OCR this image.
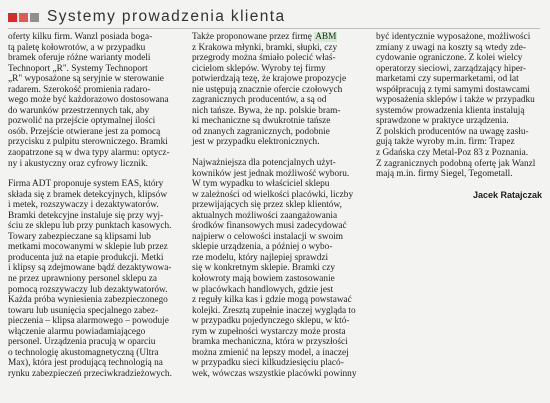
Systemy prowadzenia klienta

oferty kilku firm. Wanzl posiada boga-

tą paletę kołowrotów, a w przypadku

bramek oferuje różne warianty modeli

Technoport „R". Systemy Technoport

„R" wyposażone są seryjnie w sterowanie

radarem. Szerokość promienia radaro-

wego może być każdorazowo dostosowana

do warunków przestrzennych tak, aby

pozwolić na przejście optymalnej ilości

osób. Przejście otwierane jest za pomocą

przycisku z pulpitu sterowniczego. Bramki

zaopatrzone są w dwa typy alarmu: optycz-

ny i akustyczny oraz cyfrowy licznik.

Firma ADT proponuje system EAS, który

składa się z bramek detekcyjnych, klipsów

i metek, rozszywaczy i dezaktywatorów.

Bramki detekcyjne instaluje się przy wyj-

ściu ze sklepu lub przy punktach kasowych.

Towary zabezpieczane są klipsami lub

metkami mocowanymi w sklepie lub przez

producenta już na etapie produkcji. Metki

i klipsy są zdejmowane bądź dezaktywowa-

ne przez uprawniony personel sklepu za

pomocą rozszywaczy lub dezaktywatorów.

Każda próba wyniesienia zabezpieczonego

towaru lub usunięcia specjalnego zabez-

pieczenia – klipsa alarmowego – powoduje

włączenie alarmu powiadamiającego

personel. Urządzenia pracują w oparciu

o technologię akustomagnetyczną (Ultra

Max), która jest prodującą technologią na

rynku zabezpieczeń przeciwkradzieżowych.

Także proponowane przez firmę ABM

z Krakowa młynki, bramki, słupki, czy

przegrody można śmiało polecić właś-

cicielom sklepów. Wyroby tej firmy

potwierdzają tezę, że krajowe propozycje

nie ustępują znacznie ofercie czołowych

zagranicznych producentów, a są od

nich tańsze. Bywa, że np. polskie bram-

ki mechaniczne są dwukrotnie tańsze

od znanych zagranicznych, podobnie

jest w przypadku elektronicznych.

Najważniejsza dla potencjalnych użyt-

kowników jest jednak możliwość wyboru.

W tym wypadku to właściciel sklepu

w zależności od wielkości placówki, liczby

przewijających się przez sklep klientów,

aktualnych możliwości zaangażowania

środków finansowych musi zadecydować

najpierw o celowości instalacji w swoim

sklepie urządzenia, a później o wybo-

rze modelu, który najlepiej sprawdzi

się w konkretnym sklepie. Bramki czy

kołowroty mają bowiem zastosowanie

w placówkach handlowych, gdzie jest

z reguły kilka kas i gdzie mogą powstawać

kolejki. Zresztą zupełnie inaczej wygląda to

w przypadku pojedynczego sklepu, w któ-

rym w zupełności wystarczy może prosta

bramka mechaniczna, która w przyszłości

można zmienić na lepszy model, a inaczej

w przypadku sieci kilkudziesięciu placó-

wek, wówczas wszystkie placówki powinny

być identycznie wyposażone, możliwości

zmiany z uwagi na koszty są wtedy zde-

cydowanie ograniczone. Z kolei wielcy

operatorzy sieciowi, zarządzający hiper-

marketami czy supermarketami, od lat

współpracują z tymi samymi dostawcami

wyposażenia sklepów i także w przypadku

systemów prowadzenia klienta instalują

sprawdzone w praktyce urządzenia.

Z polskich producentów na uwagę zasłu-

gują także wyroby m.in. firm: Trapez

z Gdańska czy Metal-Poz 83 z Poznania.

Z zagranicznych podobną ofertę jak Wanzl

mają m.in. firmy Siegel, Tegometall.

Jacek Ratajczak
